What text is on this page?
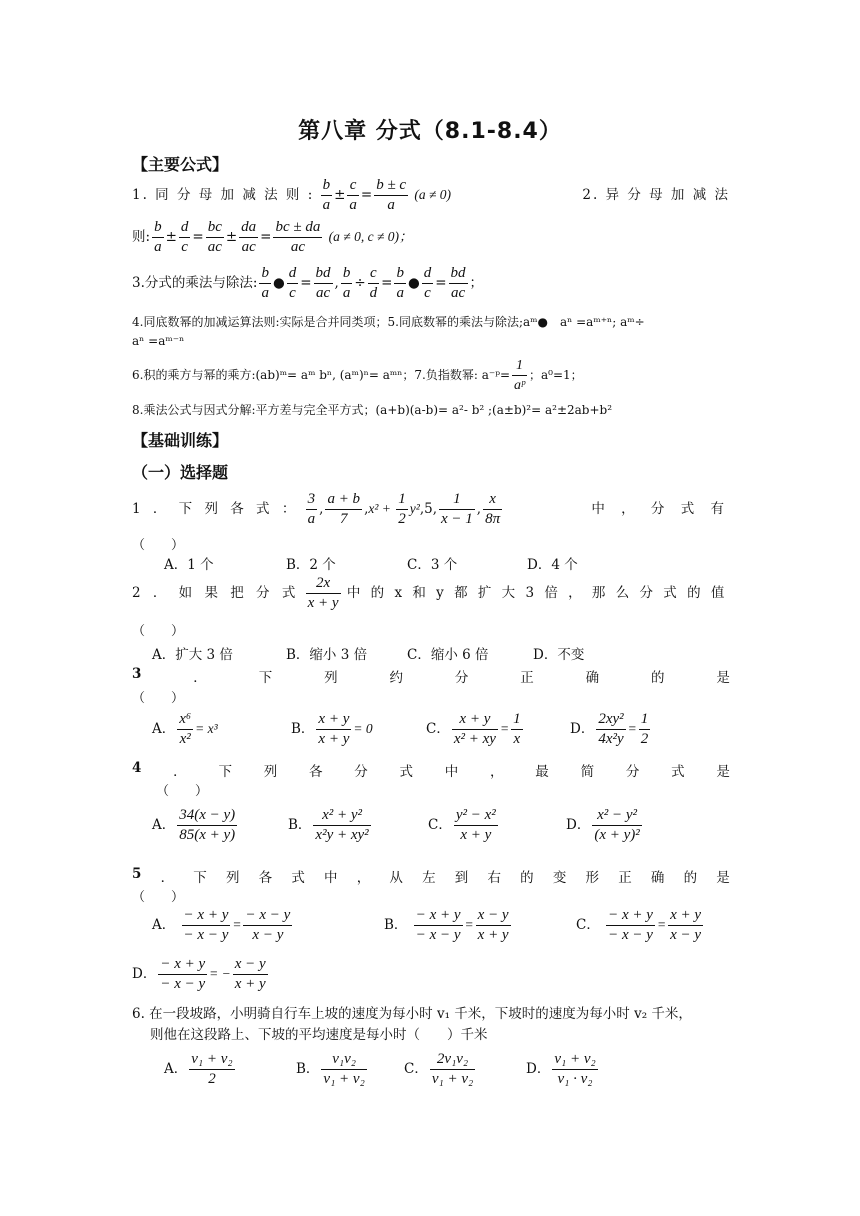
第八章 分式（8.1-8.4）
【主要公式】
1. 同 分 母 加 减 法 则 : $\frac{b}{a} \pm \frac{c}{a} = \frac{b \pm c}{a} (a \ne 0)$	2. 异 分 母 加 减 法
则: $\frac{b}{a} \pm \frac{d}{c} = \frac{bc}{ac} \pm \frac{da}{ac} = \frac{bc \pm da}{ac} (a \ne 0$, c ≠ 0)；
3.分式的乘法与除法: $\frac{b}{a}$ ● $\frac{d}{c} = \frac{bd}{ac}$ , $\frac{b}{a} \div \frac{c}{d} = \frac{b}{a}$ ● $\frac{d}{c} = \frac{bd}{ac}$ ；
4.同底数幂的加减运算法则:实际是合并同类项；5.同底数幂的乘法与除法;aᵐ●　aⁿ =aᵐ⁺ⁿ; aᵐ÷
aⁿ =aᵐ⁻ⁿ
6.积的乘方与幂的乘方:(ab)ᵐ= aᵐ bⁿ, (aᵐ)ⁿ= aᵐⁿ；7.负指数幂: a⁻ᵖ= $\frac{1}{\text{aᵖ}}$ ；a⁰=1；
8.乘法公式与因式分解:平方差与完全平方式；(a+b)(a-b)= a²- b² ;(a±b)²= a²±2ab+b²
【基础训练】
（一）选择题
1 ． 下 列 各 式 ： $\frac{3}{a}$ , $\frac{a + b}{7} ,x^2 + \frac{1}{2} y^2,5$, $\frac{1}{x - 1}$ , $\frac{x}{8\pi}$	中 ， 分 式 有
（　　）
A．1 个	B．2 个	C．3 个	D．4 个
2 ． 如 果 把 分 式 $\frac{2x}{x + y}$ 中 的 x 和 y 都 扩 大 3 倍 ， 那 么 分 式 的 值
（　　）
A．扩大 3 倍	B．缩小 3 倍	C．缩小 6 倍	D．不变
3	．	下	列	约	分	正	确	的	是
（　　）
A． $\frac{\text{x⁶}}{\text{x²}} = x^3$	B． $\frac{x + y}{x + y} = 0$	C． $\frac{x + y}{\text{x² + xy}} = \frac{1}{x}$	D． $\frac{\text{2xy²}}{\text{4x²y}} = \frac{1}{2}$
4 ． 下 列 各 分 式 中 ， 最 简 分 式 是
（　　）
A． $\frac{34(x - y)}{85(x + y)}$	B． $\frac{\text{x² + y²}}{\text{x²y + xy²}}$	C． $\frac{\text{y² − x²}}{x + y}$	D． $\frac{\text{x² − y²}}{\text{(x + y)²}}$
5 ． 下 列 各 式 中 ， 从 左 到 右 的 变 形 正 确 的 是
（　　）
A． $\frac{- x + y}{- x - y} = \frac{- x - y}{x - y}$	B． $\frac{- x + y}{- x - y} = \frac{x - y}{x + y}$	C． $\frac{- x + y}{- x - y} = \frac{x + y}{x - y}$
D． $\frac{- x + y}{- x - y}$ = − $\frac{x - y}{x + y}$
6. 在一段坡路，小明骑自行车上坡的速度为每小时 v₁ 千米，下坡时的速度为每小时 v₂ 千米，
则他在这段路上、下坡的平均速度是每小时（　　）千米
A． $\frac{\text{v₁ + v₂}}{2}$	B． $\frac{\text{v₁v₂}}{\text{v₁ + v₂}}$	C． $\frac{\text{2v₁v₂}}{\text{v₁ + v₂}}$	D． $\frac{\text{v₁ + v₂}}{\text{v₁ · v₂}}$
